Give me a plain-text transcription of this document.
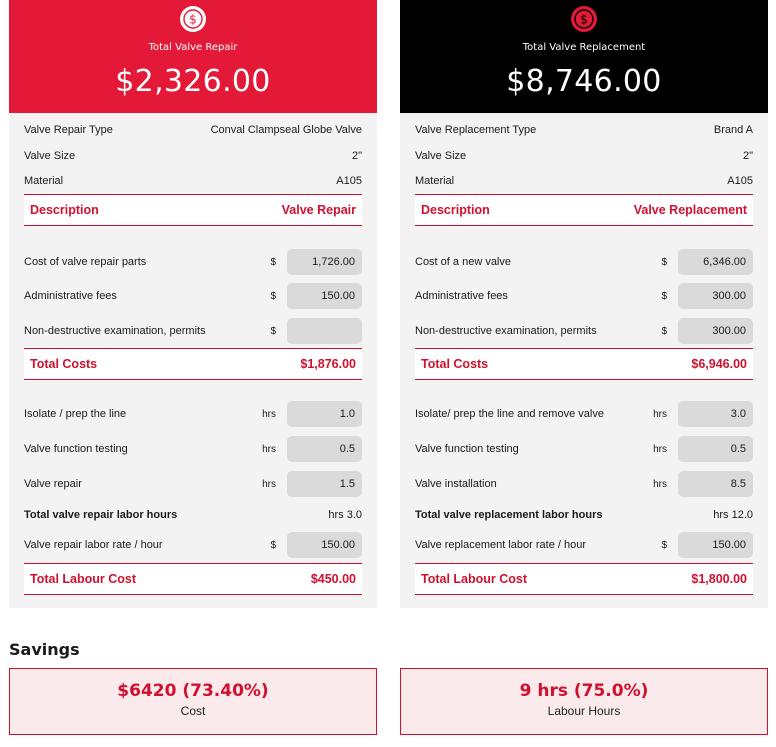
$
Total Valve Repair
$2,326.00
Valve Repair Type	Conval Clampseal Globe Valve
Valve Size	2"
Material	A105
Description	Valve Repair
Cost of valve repair parts	$	1,726.00
Administrative fees	$	150.00
Non-destructive examination, permits	$
Total Costs	$1,876.00
Isolate / prep the line	hrs	1.0
Valve function testing	hrs	0.5
Valve repair	hrs	1.5
Total valve repair labor hours	hrs 3.0
Valve repair labor rate / hour	$	150.00
Total Labour Cost	$450.00
$
Total Valve Replacement
$8,746.00
Valve Replacement Type	Brand A
Valve Size	2"
Material	A105
Description	Valve Replacement
Cost of a new valve	$	6,346.00
Administrative fees	$	300.00
Non-destructive examination, permits	$	300.00
Total Costs	$6,946.00
Isolate/ prep the line and remove valve	hrs	3.0
Valve function testing	hrs	0.5
Valve installation	hrs	8.5
Total valve replacement labor hours	hrs 12.0
Valve replacement labor rate / hour	$	150.00
Total Labour Cost	$1,800.00
Savings
$6420 (73.40%)
Cost
9 hrs (75.0%)
Labour Hours
